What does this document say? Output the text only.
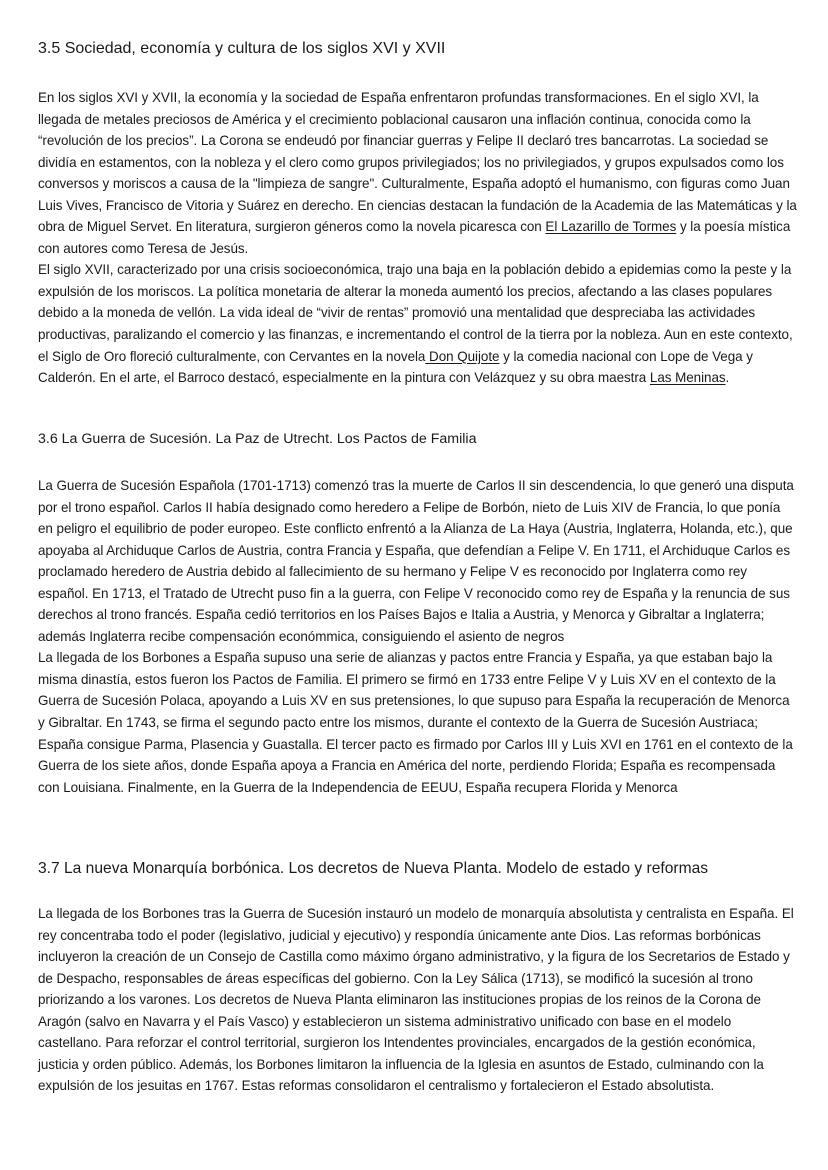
3.5 Sociedad, economía y cultura de los siglos XVI y XVII

En los siglos XVI y XVII, la economía y la sociedad de España enfrentaron profundas transformaciones. En el siglo XVI, la llegada de metales preciosos de América y el crecimiento poblacional causaron una inflación continua, conocida como la “revolución de los precios”. La Corona se endeudó por financiar guerras y Felipe II declaró tres bancarrotas. La sociedad se dividía en estamentos, con la nobleza y el clero como grupos privilegiados; los no privilegiados, y grupos expulsados como los conversos y moriscos a causa de la "limpieza de sangre". Culturalmente, España adoptó el humanismo, con figuras como Juan Luis Vives, Francisco de Vitoria y Suárez en derecho. En ciencias destacan la fundación de la Academia de las Matemáticas y la obra de Miguel Servet. En literatura, surgieron géneros como la novela picaresca con El Lazarillo de Tormes y la poesía mística con autores como Teresa de Jesús.

El siglo XVII, caracterizado por una crisis socioeconómica, trajo una baja en la población debido a epidemias como la peste y la expulsión de los moriscos. La política monetaria de alterar la moneda aumentó los precios, afectando a las clases populares debido a la moneda de vellón. La vida ideal de “vivir de rentas” promovió una mentalidad que despreciaba las actividades productivas, paralizando el comercio y las finanzas, e incrementando el control de la tierra por la nobleza. Aun en este contexto, el Siglo de Oro floreció culturalmente, con Cervantes en la novela Don Quijote y la comedia nacional con Lope de Vega y Calderón. En el arte, el Barroco destacó, especialmente en la pintura con Velázquez y su obra maestra Las Meninas.

3.6 La Guerra de Sucesión. La Paz de Utrecht. Los Pactos de Familia

La Guerra de Sucesión Española (1701-1713) comenzó tras la muerte de Carlos II sin descendencia, lo que generó una disputa por el trono español. Carlos II había designado como heredero a Felipe de Borbón, nieto de Luis XIV de Francia, lo que ponía en peligro el equilibrio de poder europeo. Este conflicto enfrentó a la Alianza de La Haya (Austria, Inglaterra, Holanda, etc.), que apoyaba al Archiduque Carlos de Austria, contra Francia y España, que defendían a Felipe V. En 1711, el Archiduque Carlos es proclamado heredero de Austria debido al fallecimiento de su hermano y Felipe V es reconocido por Inglaterra como rey español. En 1713, el Tratado de Utrecht puso fin a la guerra, con Felipe V reconocido como rey de España y la renuncia de sus derechos al trono francés. España cedió territorios en los Países Bajos e Italia a Austria, y Menorca y Gibraltar a Inglaterra; además Inglaterra recibe compensación económmica, consiguiendo el asiento de negros

La llegada de los Borbones a España supuso una serie de alianzas y pactos entre Francia y España, ya que estaban bajo la misma dinastía, estos fueron los Pactos de Familia. El primero se firmó en 1733 entre Felipe V y Luis XV en el contexto de la Guerra de Sucesión Polaca, apoyando a Luis XV en sus pretensiones, lo que supuso para España la recuperación de Menorca y Gibraltar. En 1743, se firma el segundo pacto entre los mismos, durante el contexto de la Guerra de Sucesión Austriaca; España consigue Parma, Plasencia y Guastalla. El tercer pacto es firmado por Carlos III y Luis XVI en 1761 en el contexto de la Guerra de los siete años, donde España apoya a Francia en América del norte, perdiendo Florida; España es recompensada con Louisiana. Finalmente, en la Guerra de la Independencia de EEUU, España recupera Florida y Menorca

3.7 La nueva Monarquía borbónica. Los decretos de Nueva Planta. Modelo de estado y reformas

La llegada de los Borbones tras la Guerra de Sucesión instauró un modelo de monarquía absolutista y centralista en España. El rey concentraba todo el poder (legislativo, judicial y ejecutivo) y respondía únicamente ante Dios. Las reformas borbónicas incluyeron la creación de un Consejo de Castilla como máximo órgano administrativo, y la figura de los Secretarios de Estado y de Despacho, responsables de áreas específicas del gobierno. Con la Ley Sálica (1713), se modificó la sucesión al trono priorizando a los varones. Los decretos de Nueva Planta eliminaron las instituciones propias de los reinos de la Corona de Aragón (salvo en Navarra y el País Vasco) y establecieron un sistema administrativo unificado con base en el modelo castellano. Para reforzar el control territorial, surgieron los Intendentes provinciales, encargados de la gestión económica, justicia y orden público. Además, los Borbones limitaron la influencia de la Iglesia en asuntos de Estado, culminando con la expulsión de los jesuitas en 1767. Estas reformas consolidaron el centralismo y fortalecieron el Estado absolutista.
